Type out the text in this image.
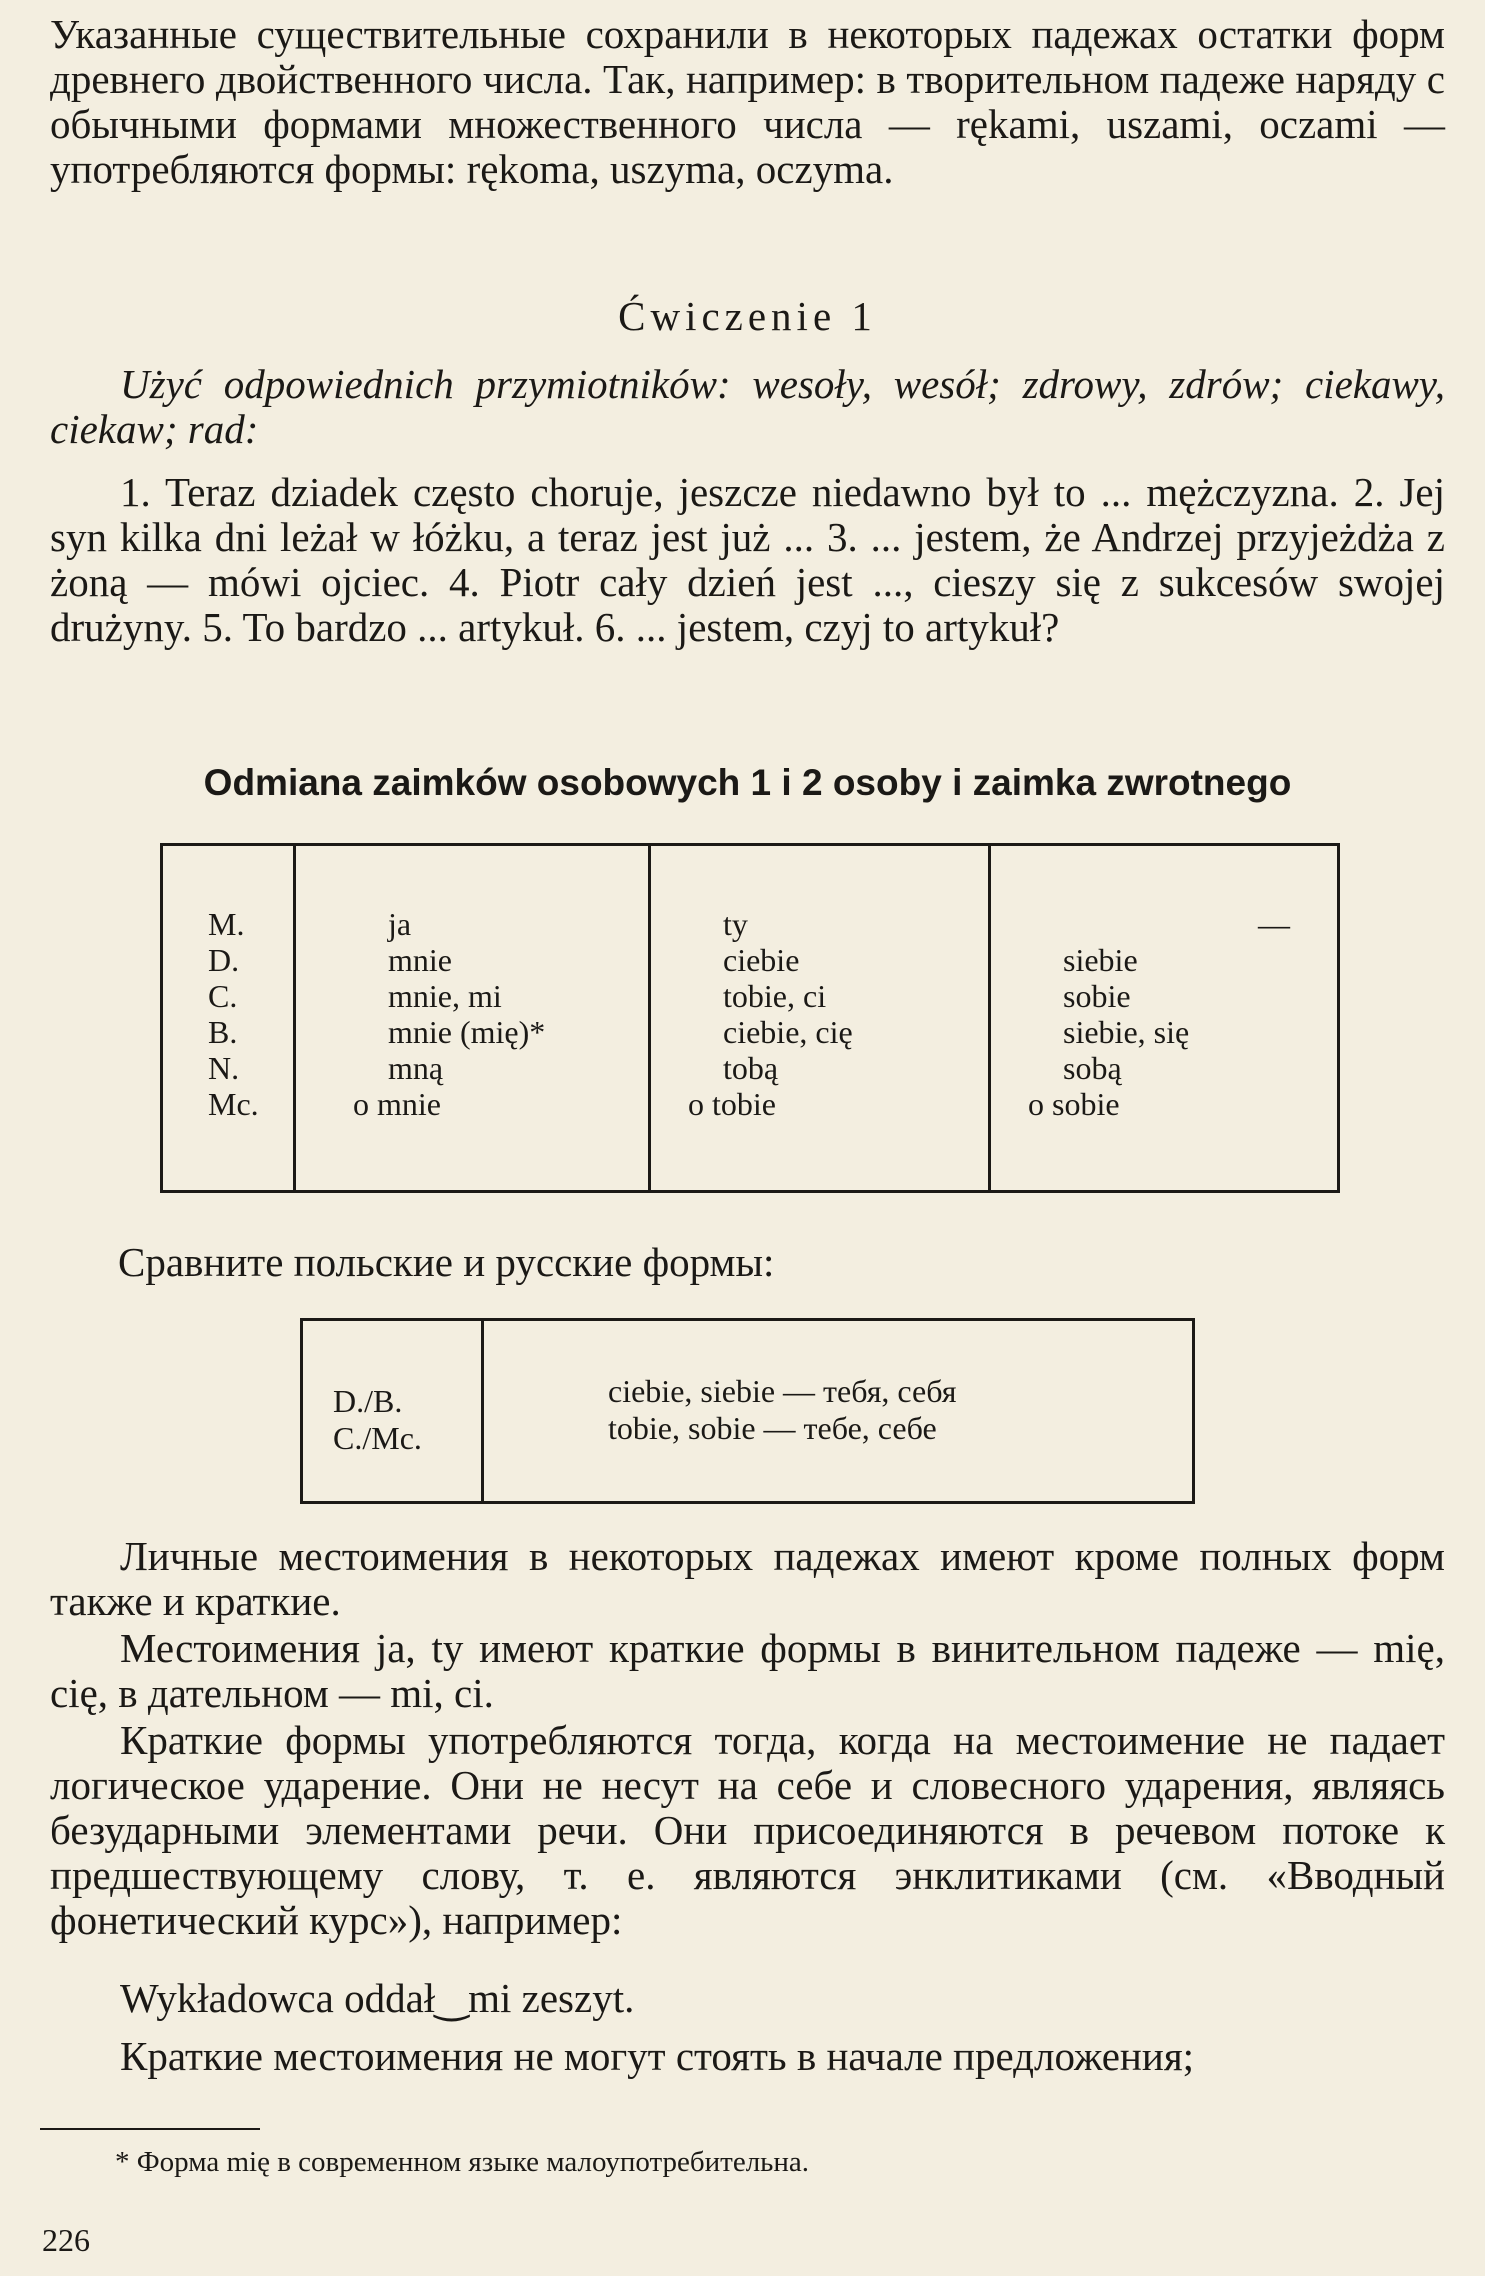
Указанные существительные сохранили в некоторых падежах остатки форм древнего двойственного числа. Так, например: в творительном падеже наряду с обычными формами множественного числа — rękami, uszami, oczami — употребляются формы: rękoma, uszyma, oczyma.

Ćwiczenie 1

Użyć odpowiednich przymiotników: wesoły, wesół; zdrowy, zdrów; ciekawy, ciekaw; rad:

1. Teraz dziadek często choruje, jeszcze niedawno był to ... mężczyzna. 2. Jej syn kilka dni leżał w łóżku, a teraz jest już ... 3. ... jestem, że Andrzej przyjeżdża z żoną — mówi ojciec. 4. Piotr cały dzień jest ..., cieszy się z sukcesów swojej drużyny. 5. To bardzo ... artykuł. 6. ... jestem, czyj to artykuł?

Odmiana zaimków osobowych 1 i 2 osoby i zaimka zwrotnego

M.
D.
C.
B.
N.
Mc.
ja
mnie
mnie, mi
mnie (mię)*
mną
o mnie
ty
ciebie
tobie, ci
ciebie, cię
tobą
o tobie
—
siebie
sobie
siebie, się
sobą
o sobie

Сравните польские и русские формы:

D./B.
C./Mc.
ciebie, siebie — тебя, себя
tobie, sobie — тебе, себе

Личные местоимения в некоторых падежах имеют кроме полных форм также и краткие.

Местоимения ja, ty имеют краткие формы в винительном падеже — mię, cię, в дательном — mi, ci.

Краткие формы употребляются тогда, когда на местоимение не падает логическое ударение. Они не несут на себе и словесного ударения, являясь безударными элементами речи. Они присоединяются в речевом потоке к предшествующему слову, т. е. являются энклитиками (см. «Вводный фонетический курс»), например:

Wykładowca oddał‿mi zeszyt.

Краткие местоимения не могут стоять в начале предложения;

* Форма mię в современном языке малоупотребительна.

226
